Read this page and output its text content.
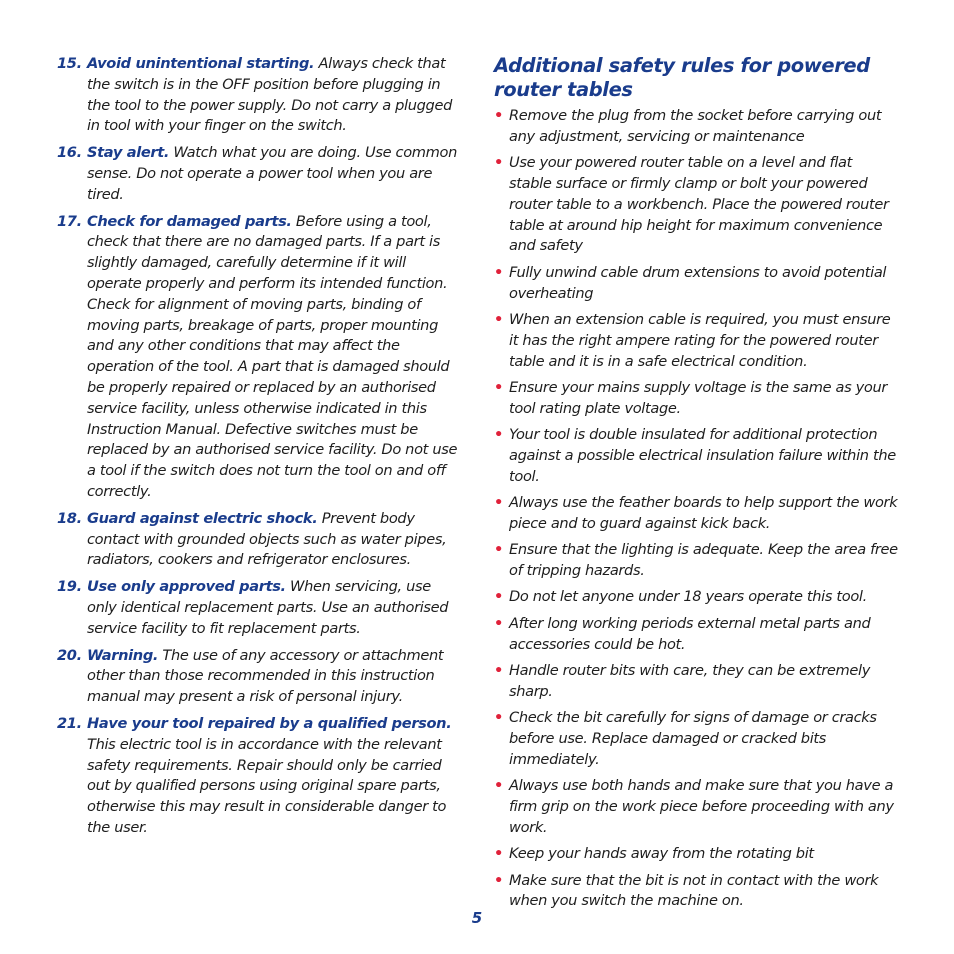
15. Avoid unintentional starting. Always check that the switch is in the OFF position before plugging in the tool to the power supply. Do not carry a plugged in tool with your finger on the switch.
16. Stay alert. Watch what you are doing. Use common sense. Do not operate a power tool when you are tired.
17. Check for damaged parts. Before using a tool, check that there are no damaged parts. If a part is slightly damaged, carefully determine if it will operate properly and perform its intended function. Check for alignment of moving parts, binding of moving parts, breakage of parts, proper mounting and any other conditions that may affect the operation of the tool. A part that is damaged should be properly repaired or replaced by an authorised service facility, unless otherwise indicated in this Instruction Manual. Defective switches must be replaced by an authorised service facility. Do not use a tool if the switch does not turn the tool on and off correctly.
18. Guard against electric shock. Prevent body contact with grounded objects such as water pipes, radiators, cookers and refrigerator enclosures.
19. Use only approved parts. When servicing, use only identical replacement parts. Use an authorised service facility to fit replacement parts.
20. Warning. The use of any accessory or attachment other than those recommended in this instruction manual may present a risk of personal injury.
21. Have your tool repaired by a qualified person. This electric tool is in accordance with the relevant safety requirements. Repair should only be carried out by qualified persons using original spare parts, otherwise this may result in considerable danger to the user.
Additional safety rules for powered router tables
• Remove the plug from the socket before carrying out any adjustment, servicing or maintenance
• Use your powered router table on a level and flat stable surface or firmly clamp or bolt your powered router table to a workbench. Place the powered router table at around hip height for maximum convenience and safety
• Fully unwind cable drum extensions to avoid potential overheating
• When an extension cable is required, you must ensure it has the right ampere rating for the powered router table and it is in a safe electrical condition.
• Ensure your mains supply voltage is the same as your tool rating plate voltage.
• Your tool is double insulated for additional protection against a possible electrical insulation failure within the tool.
• Always use the feather boards to help support the work piece and to guard against kick back.
• Ensure that the lighting is adequate. Keep the area free of tripping hazards.
• Do not let anyone under 18 years operate this tool.
• After long working periods external metal parts and accessories could be hot.
• Handle router bits with care, they can be extremely sharp.
• Check the bit carefully for signs of damage or cracks before use. Replace damaged or cracked bits immediately.
• Always use both hands and make sure that you have a firm grip on the work piece before proceeding with any work.
• Keep your hands away from the rotating bit
• Make sure that the bit is not in contact with the work when you switch the machine on.
5
